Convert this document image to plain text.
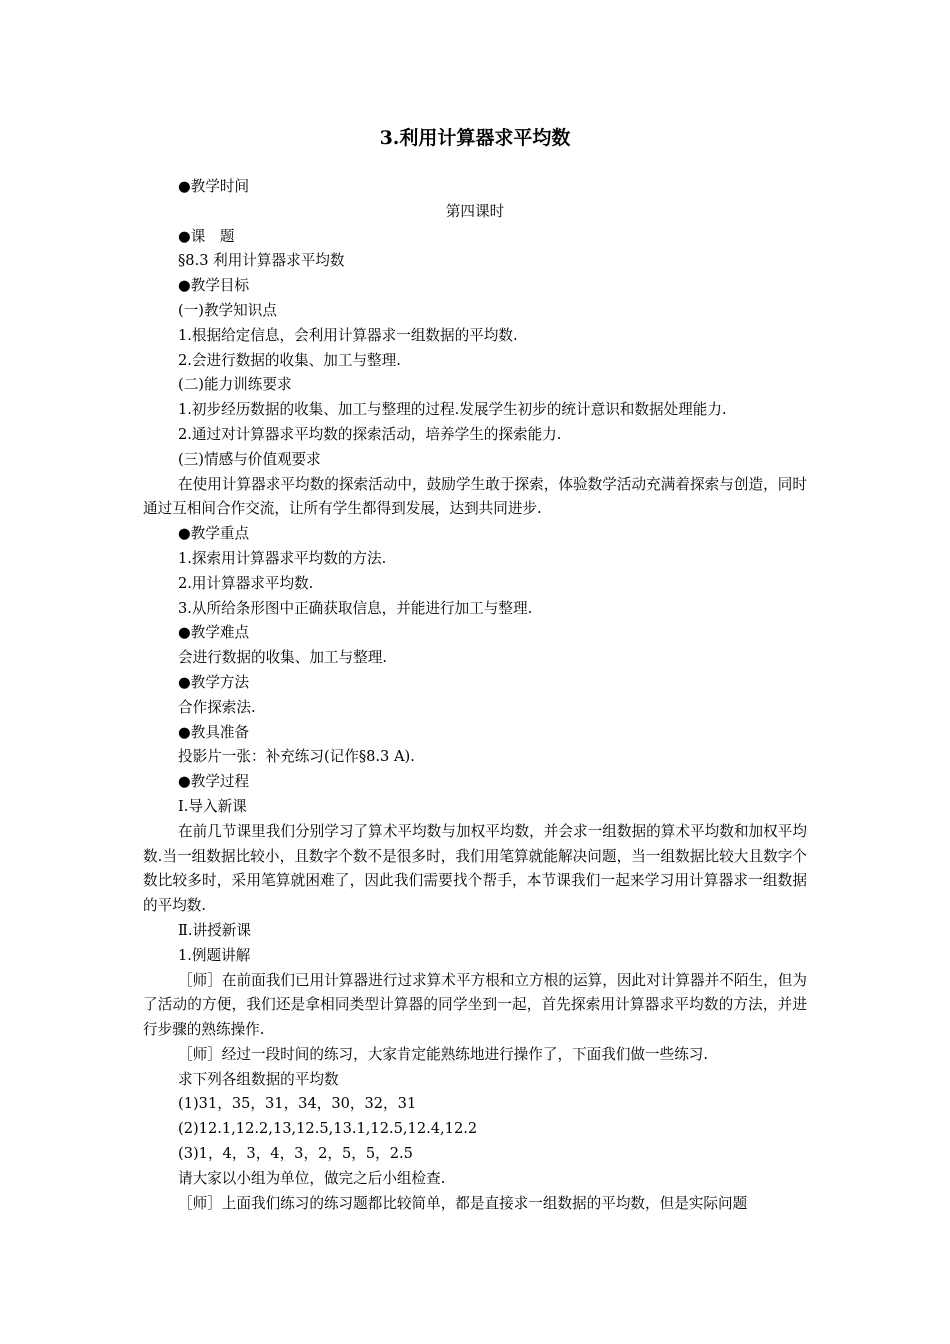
3.利用计算器求平均数

●教学时间

第四课时

●课　题

§8.3 利用计算器求平均数

●教学目标

(一)教学知识点

1.根据给定信息，会利用计算器求一组数据的平均数.

2.会进行数据的收集、加工与整理.

(二)能力训练要求

1.初步经历数据的收集、加工与整理的过程.发展学生初步的统计意识和数据处理能力.

2.通过对计算器求平均数的探索活动，培养学生的探索能力.

(三)情感与价值观要求

在使用计算器求平均数的探索活动中，鼓励学生敢于探索，体验数学活动充满着探索与创造，同时通过互相间合作交流，让所有学生都得到发展，达到共同进步.

●教学重点

1.探索用计算器求平均数的方法.

2.用计算器求平均数.

3.从所给条形图中正确获取信息，并能进行加工与整理.

●教学难点

会进行数据的收集、加工与整理.

●教学方法

合作探索法.

●教具准备

投影片一张：补充练习(记作§8.3 A).

●教学过程

Ⅰ.导入新课

在前几节课里我们分别学习了算术平均数与加权平均数，并会求一组数据的算术平均数和加权平均数.当一组数据比较小，且数字个数不是很多时，我们用笔算就能解决问题，当一组数据比较大且数字个数比较多时，采用笔算就困难了，因此我们需要找个帮手，本节课我们一起来学习用计算器求一组数据的平均数.

Ⅱ.讲授新课

1.例题讲解

［师］在前面我们已用计算器进行过求算术平方根和立方根的运算，因此对计算器并不陌生，但为了活动的方便，我们还是拿相同类型计算器的同学坐到一起，首先探索用计算器求平均数的方法，并进行步骤的熟练操作.

［师］经过一段时间的练习，大家肯定能熟练地进行操作了，下面我们做一些练习.

求下列各组数据的平均数

(1)31，35，31，34，30，32，31

(2)12.1,12.2,13,12.5,13.1,12.5,12.4,12.2

(3)1，4，3，4，3，2，5，5，2.5

请大家以小组为单位，做完之后小组检查.

［师］上面我们练习的练习题都比较简单，都是直接求一组数据的平均数，但是实际问题
